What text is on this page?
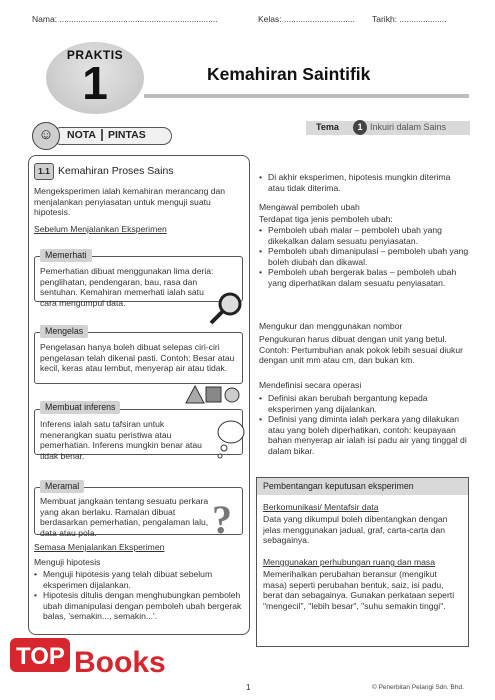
Nama: ...................................................................	Kelas: .............................. Tarikh: ....................
PRAKTIS
1	Kemahiran Saintifik
NOTA PINTAS
☺	Tema	1 Inkuiri dalam Sains
1.1 Kemahiran Proses Sains
Mengeksperimen ialah kemahiran merancang dan menjalankan penyiasatan untuk menguji suatu hipotesis.
Sebelum Menjalankan Eksperimen
Memerhati
Pemerhatian dibuat menggunakan lima deria: penglihatan, pendengaran, bau, rasa dan sentuhan. Kemahiran memerhati ialah satu cara mengumpul data.
Mengelas
Pengelasan hanya boleh dibuat selepas ciri-ciri pengelasan telah dikenal pasti. Contoh: Besar atau kecil, keras atau lembut, menyerap air atau tidak.
Membuat inferens
Inferens ialah satu tafsiran untuk menerangkan suatu peristiwa atau pemerhatian. Inferens mungkin benar atau tidak benar.
Meramal
Membuat jangkaan tentang sesuatu perkara yang akan berlaku. Ramalan dibuat berdasarkan pemerhatian, pengalaman lalu, data atau pola.	?
Semasa Menjalankan Eksperimen
Menguji hipotesis
• Menguji hipotesis yang telah dibuat sebelum eksperimen dijalankan.
• Hipotesis ditulis dengan menghubungkan pemboleh ubah dimanipulasi dengan pemboleh ubah bergerak balas, 'semakin..., semakin...'.
• Di akhir eksperimen, hipotesis mungkin diterima atau tidak diterima.
Mengawal pemboleh ubah
Terdapat tiga jenis pemboleh ubah:
• Pemboleh ubah malar – pemboleh ubah yang dikekalkan dalam sesuatu penyiasatan.
• Pemboleh ubah dimanipulasi – pemboleh ubah yang boleh diubah dan dikawal.
• Pemboleh ubah bergerak balas – pemboleh ubah yang diperhatikan dalam sesuatu penyiasatan.
Mengukur dan menggunakan nombor
Pengukuran harus dibuat dengan unit yang betul. Contoh: Pertumbuhan anak pokok lebih sesuai diukur dengan unit mm atau cm, dan bukan km.
Mendefinisi secara operasi
• Definisi akan berubah bergantung kepada eksperimen yang dijalankan.
• Definisi yang diminta ialah perkara yang dilakukan atau yang boleh diperhatikan, contoh: keupayaan bahan menyerap air ialah isi padu air yang tinggal di dalam bikar.
Pembentangan keputusan eksperimen
Berkomunikasi/ Mentafsir data
Data yang dikumpul boleh dibentangkan dengan jelas menggunakan jadual, graf, carta-carta dan sebagainya.
Menggunakan perhubungan ruang dan masa
Memerihalkan perubahan beransur (mengikut masa) seperti perubahan bentuk, saiz, isi padu, berat dan sebagainya. Gunakan perkataan seperti "mengecil", "lebih besar", "suhu semakin tinggi".
TOP Books
1	© Penerbitan Pelangi Sdn. Bhd.
